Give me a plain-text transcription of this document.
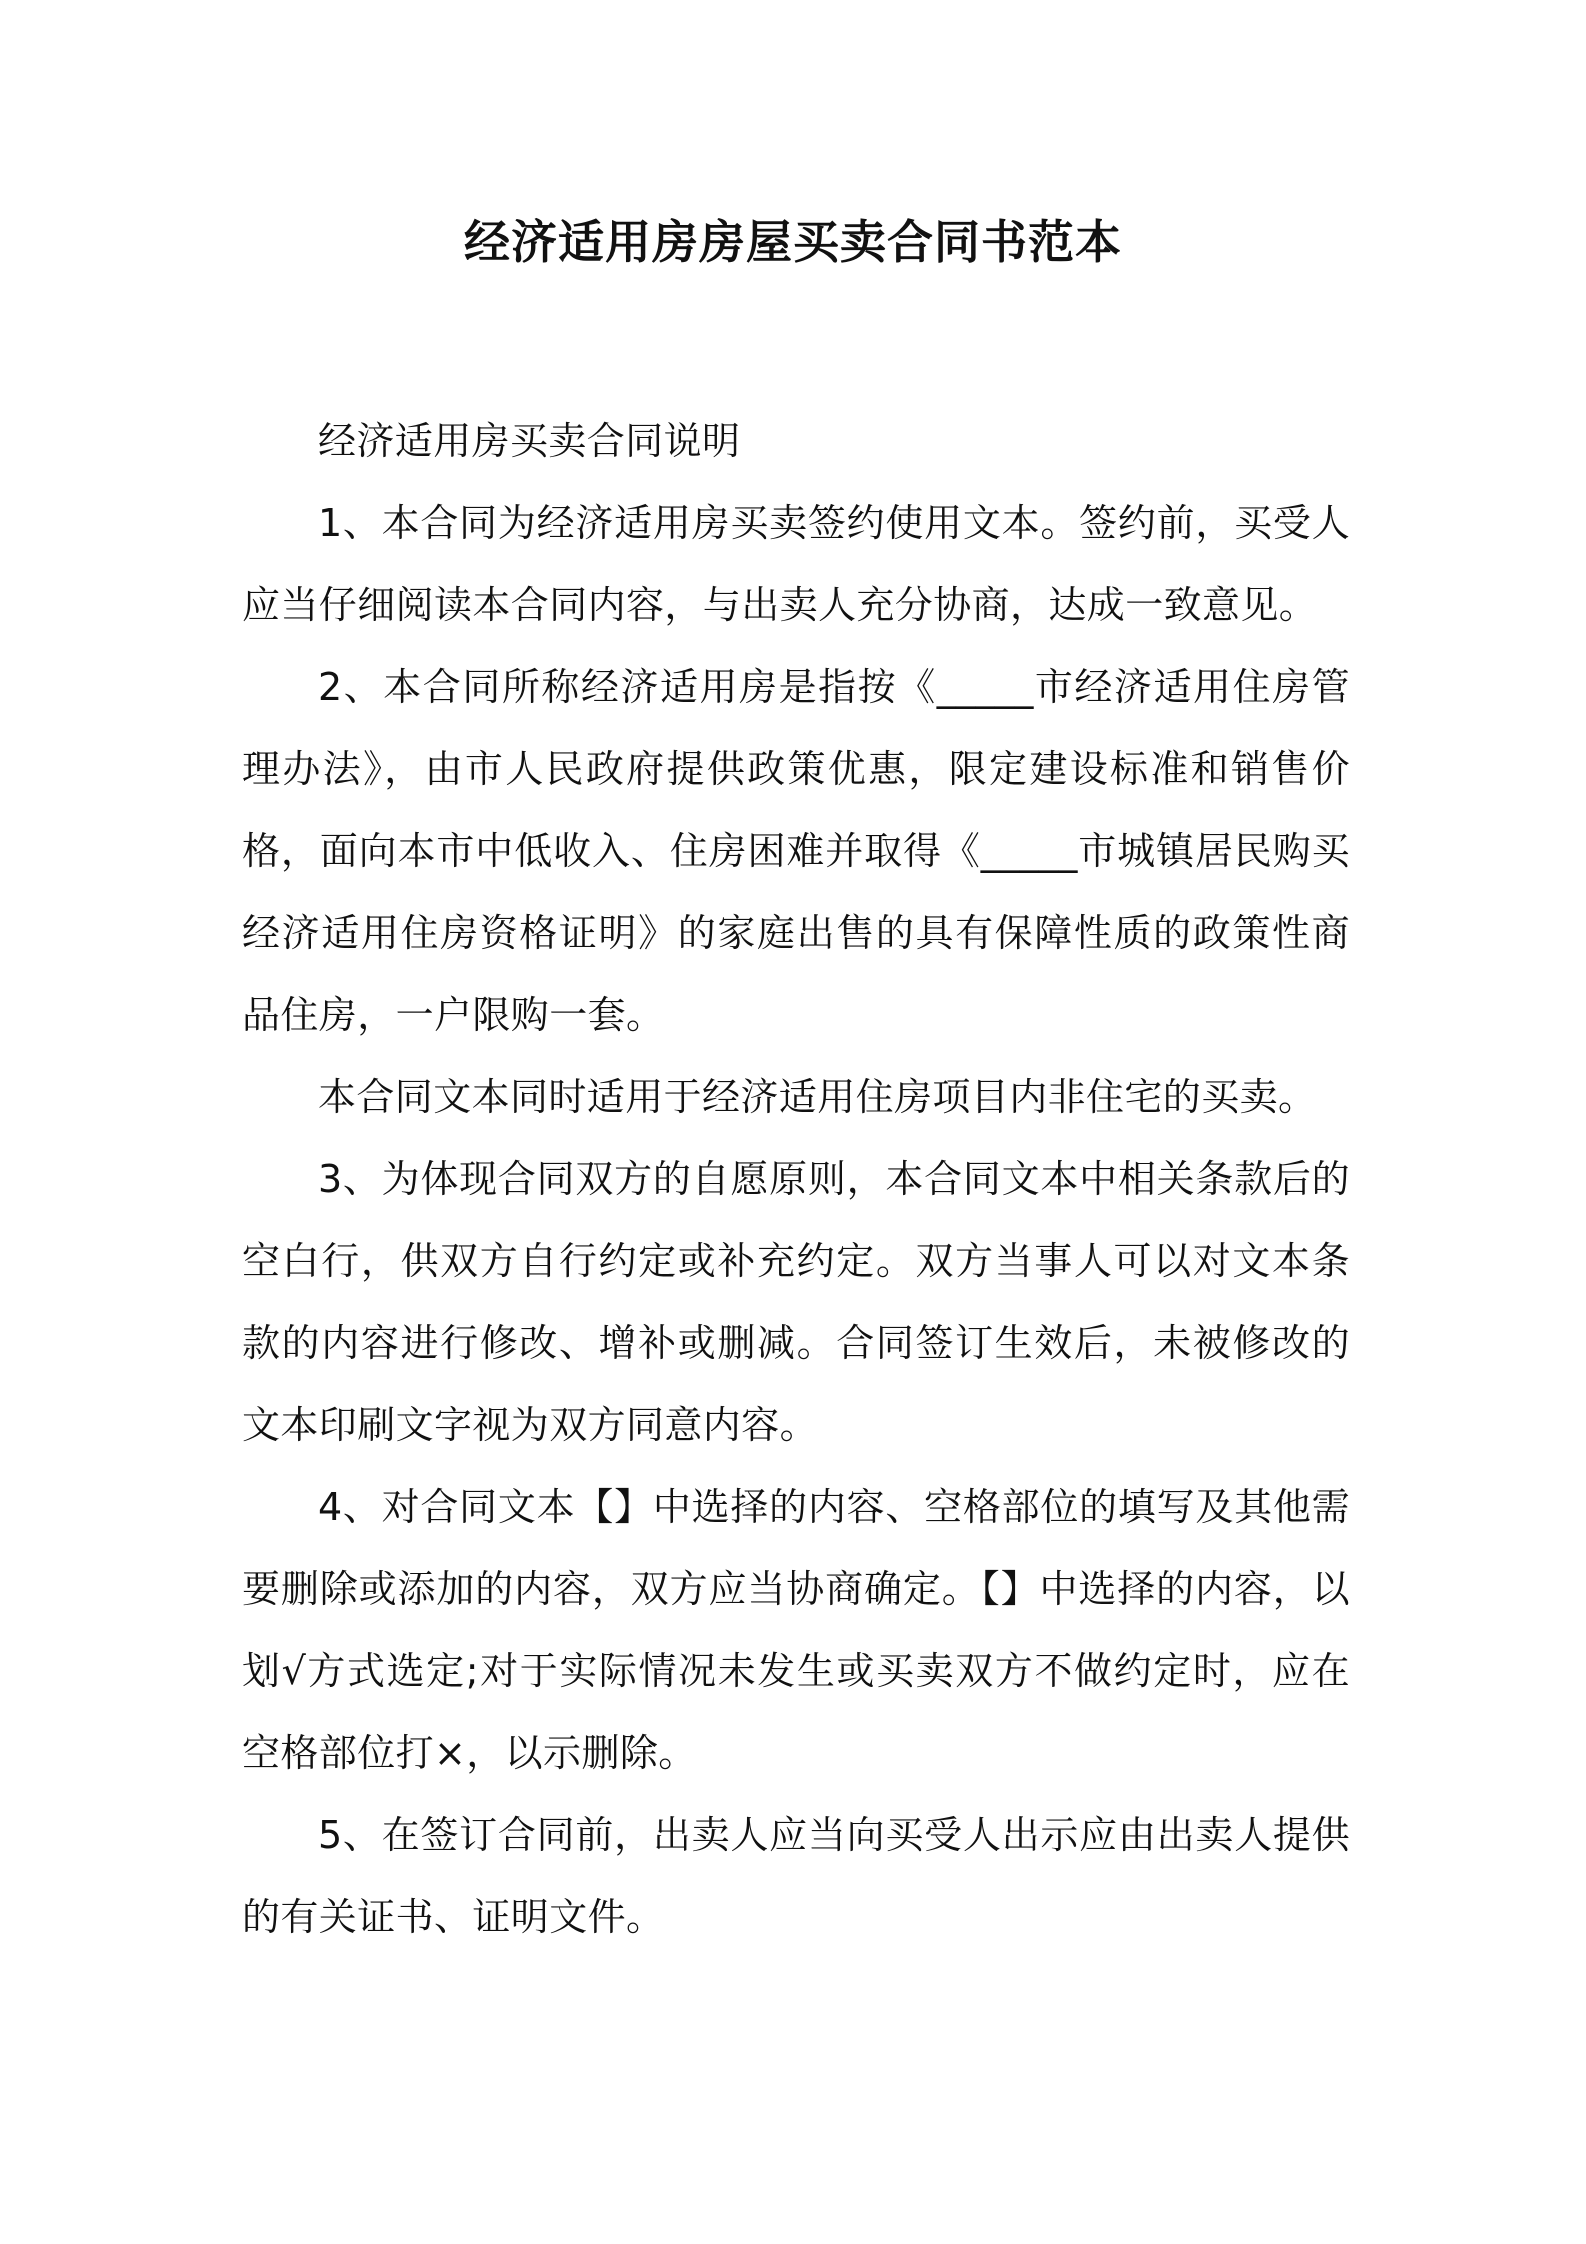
经济适用房房屋买卖合同书范本

经济适用房买卖合同说明

1、本合同为经济适用房买卖签约使用文本。签约前，买受人应当仔细阅读本合同内容，与出卖人充分协商，达成一致意见。

2、本合同所称经济适用房是指按《_____市经济适用住房管理办法》，由市人民政府提供政策优惠，限定建设标准和销售价格，面向本市中低收入、住房困难并取得《_____市城镇居民购买经济适用住房资格证明》的家庭出售的具有保障性质的政策性商品住房，一户限购一套。

本合同文本同时适用于经济适用住房项目内非住宅的买卖。

3、为体现合同双方的自愿原则，本合同文本中相关条款后的空白行，供双方自行约定或补充约定。双方当事人可以对文本条款的内容进行修改、增补或删减。合同签订生效后，未被修改的文本印刷文字视为双方同意内容。

4、对合同文本【】中选择的内容、空格部位的填写及其他需要删除或添加的内容，双方应当协商确定。【】中选择的内容，以划√方式选定;对于实际情况未发生或买卖双方不做约定时，应在空格部位打×，以示删除。

5、在签订合同前，出卖人应当向买受人出示应由出卖人提供的有关证书、证明文件。
